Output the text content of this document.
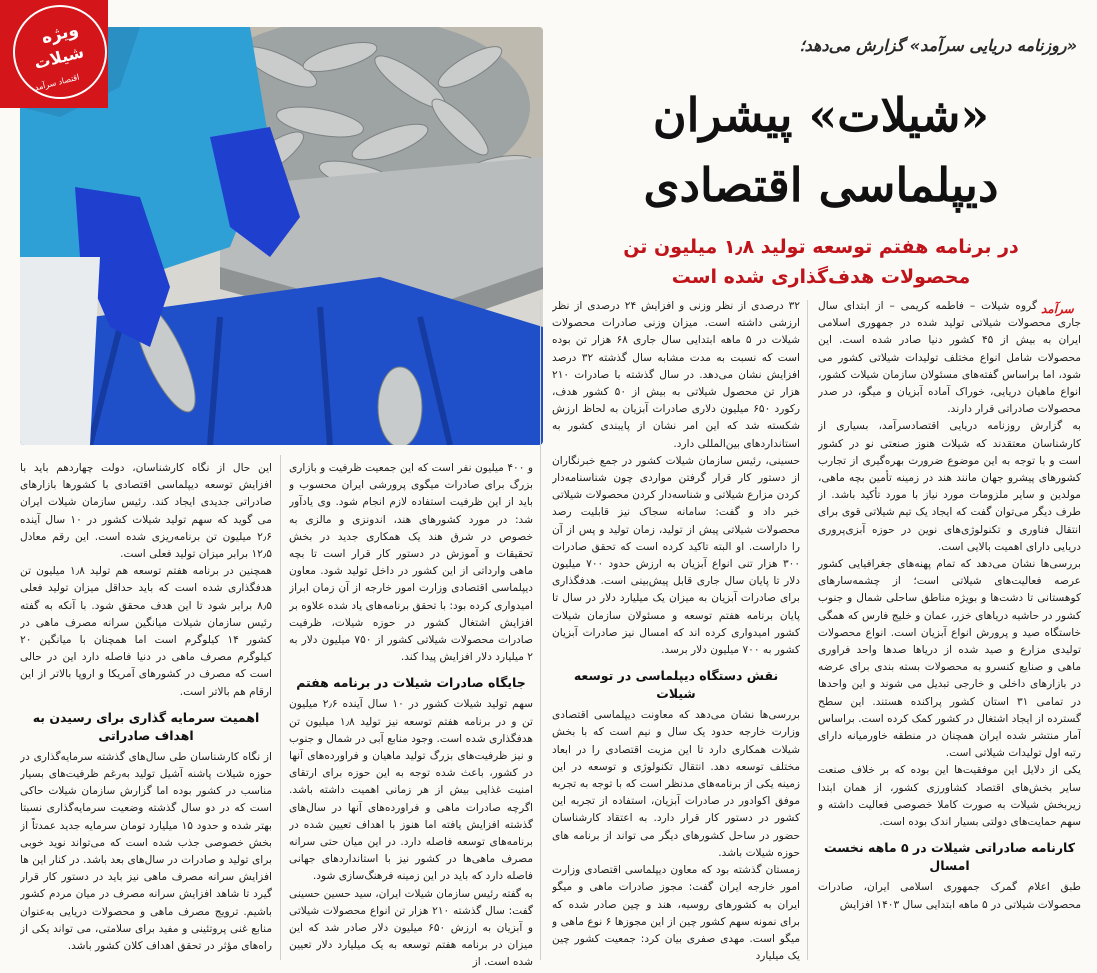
ویژه
شیلات
اقتصاد سرآمد
«روزنامه دریایی سرآمد» گزارش می‌دهد؛
«شیلات» پیشران
دیپلماسی اقتصادی
در برنامه هفتم توسعه تولید ۱٫۸ میلیون تن محصولات هدف‌گذاری شده است
سرآمد

گروه شیلات – فاطمه کریمی – از ابتدای سال جاری محصولات شیلاتی تولید شده در جمهوری اسلامی ایران به بیش از ۴۵ کشور دنیا صادر شده است. این محصولات شامل انواع مختلف تولیدات شیلاتی کشور می شود، اما براساس گفته‌های مسئولان سازمان شیلات کشور، انواع ماهیان دریایی، خوراک آماده آبزیان و میگو، در صدر محصولات صادراتی قرار دارند.

به گزارش روزنامه دریایی اقتصادسرآمد، بسیاری از کارشناسان معتقدند که شیلات هنوز صنعتی نو در کشور است و با توجه به این موضوع ضرورت بهره‌گیری از تجارب کشورهای پیشرو جهان مانند هند در زمینه تأمین بچه ماهی، مولدین و سایر ملزومات مورد نیاز با مورد تأکید باشد. از طرف دیگر می‌توان گفت که ایجاد یک تیم شیلاتی قوی برای انتقال فناوری و تکنولوژی‌های نوین در حوزه آبزی‌پروری دریایی دارای اهمیت بالایی است.

بررسی‌ها نشان می‌دهد که تمام پهنه‌های جغرافیایی کشور عرصه فعالیت‌های شیلاتی است؛ از چشمه‌سارهای کوهستانی تا دشت‌ها و بویژه مناطق ساحلی شمال و جنوب کشور در حاشیه دریاهای خزر، عمان و خلیج فارس که همگی خاستگاه صید و پرورش انواع آبزیان است. انواع محصولات تولیدی مزارع و صید شده از دریاها صدها واحد فراوری ماهی و صنایع کنسرو به محصولات بسته بندی برای عرضه در بازارهای داخلی و خارجی تبدیل می شوند و این واحدها در تمامی ۳۱ استان کشور پراکنده هستند. این سطح گسترده از ایجاد اشتغال در کشور کمک کرده است. براساس آمار منتشر شده ایران همچنان در منطقه خاورمیانه دارای رتبه اول تولیدات شیلاتی است.

یکی از دلایل این موفقیت‌ها این بوده که بر خلاف صنعت سایر بخش‌های اقتصاد کشاورزی کشور، از همان ابتدا زیربخش شیلات به صورت کاملا خصوصی فعالیت داشته و سهم حمایت‌های دولتی بسیار اندک بوده است.

کارنامه صادراتی شیلات در ۵ ماهه نخست امسال

طبق اعلام گمرک جمهوری اسلامی ایران، صادرات محصولات شیلاتی در ۵ ماهه ابتدایی سال ۱۴۰۳ افزایش

۳۲ درصدی از نظر وزنی و افزایش ۲۴ درصدی از نظر ارزشی داشته است. میزان وزنی صادرات محصولات شیلات در ۵ ماهه ابتدایی سال جاری ۶۸ هزار تن بوده است که نسبت به مدت مشابه سال گذشته ۳۲ درصد افزایش نشان می‌دهد. در سال گذشته با صادرات ۲۱۰ هزار تن محصول شیلاتی به بیش از ۵۰ کشور هدف، رکورد ۶۵۰ میلیون دلاری صادرات آبزیان به لحاظ ارزش شکسته شد که این امر نشان از پایبندی کشور به استانداردهای بین‌المللی دارد.

حسینی، رئیس سازمان شیلات کشور در جمع خبرنگاران از دستور کار قرار گرفتن مواردی چون شناسنامه‌دار کردن مزارع شیلاتی و شناسه‌دار کردن محصولات شیلاتی خبر داد و گفت: سامانه سجاک نیز قابلیت رصد محصولات شیلاتی پیش از تولید، زمان تولید و پس از آن را داراست. او البته تاکید کرده است که تحقق صادرات ۳۰۰ هزار تنی انواع آبزیان به ارزش حدود ۷۰۰ میلیون دلار تا پایان سال جاری قابل پیش‌بینی است. هدفگذاری برای صادرات آبزیان به میزان یک میلیارد دلار در سال تا پایان برنامه هفتم توسعه و مسئولان سازمان شیلات کشور امیدواری کرده اند که امسال نیز صادرات آبزیان کشور به ۷۰۰ میلیون دلار برسد.

نقش دستگاه دیپلماسی در توسعه شیلات

بررسی‌ها نشان می‌دهد که معاونت دیپلماسی اقتصادی وزارت خارجه حدود یک سال و نیم است که با بخش شیلات همکاری دارد تا این مزیت اقتصادی را در ابعاد مختلف توسعه دهد. انتقال تکنولوژی و توسعه در این زمینه یکی از برنامه‌های مدنظر است که با توجه به تجربه موفق اکوادور در صادرات آبزیان، استفاده از تجربه این کشور در دستور کار قرار دارد. به اعتقاد کارشناسان حضور در ساحل کشورهای دیگر می تواند از برنامه های حوزه شیلات باشد.

زمستان گذشته بود که معاون دیپلماسی اقتصادی وزارت امور خارجه ایران گفت: مجوز صادرات ماهی و میگو ایران به کشورهای روسیه، هند و چین صادر شده که برای نمونه سهم کشور چین از این مجوزها ۶ نوع ماهی و میگو است. مهدی صفری بیان کرد: جمعیت کشور چین یک میلیارد

و ۴۰۰ میلیون نفر است که این جمعیت ظرفیت و بازاری بزرگ برای صادرات میگوی پرورشی ایران محسوب و باید از این ظرفیت استفاده لازم انجام شود. وی یادآور شد: در مورد کشورهای هند، اندونزی و مالزی به خصوص در شرق هند یک همکاری جدید در بخش تحقیقات و آموزش در دستور کار قرار است تا بچه ماهی وارداتی از این کشور در داخل تولید شود. معاون دیپلماسی اقتصادی وزارت امور خارجه از آن زمان ابراز امیدواری کرده بود: با تحقق برنامه‌های یاد شده علاوه بر افزایش اشتغال کشور در حوزه شیلات، ظرفیت صادرات محصولات شیلاتی کشور از ۷۵۰ میلیون دلار به ۲ میلیارد دلار افزایش پیدا کند.

جایگاه صادرات شیلات در برنامه هفتم

سهم تولید شیلات کشور در ۱۰ سال آینده ۲٫۶ میلیون تن و در برنامه هفتم توسعه نیز تولید ۱٫۸ میلیون تن هدفگذاری شده است. وجود منابع آبی در شمال و جنوب و نیز ظرفیت‌های بزرگ تولید ماهیان و فراورده‌های آنها در کشور، باعث شده توجه به این حوزه برای ارتقای امنیت غذایی بیش از هر زمانی اهمیت داشته باشد. اگرچه صادرات ماهی و فراورده‌های آنها در سال‌های گذشته افزایش یافته اما هنوز با اهداف تعیین شده در برنامه‌های توسعه فاصله دارد. در این میان حتی سرانه مصرف ماهی‌ها در کشور نیز با استانداردهای جهانی فاصله دارد که باید در این زمینه فرهنگ‌سازی شود.

به گفته رئیس سازمان شیلات ایران، سید حسین حسینی گفت: سال گذشته ۲۱۰ هزار تن انواع محصولات شیلاتی و آبزیان به ارزش ۶۵۰ میلیون دلار صادر شد که این میزان در برنامه هفتم توسعه به یک میلیارد دلار تعیین شده است. از

این حال از نگاه کارشناسان، دولت چهاردهم باید با افزایش توسعه دیپلماسی اقتصادی با کشورها بازارهای صادراتی جدیدی ایجاد کند. رئیس سازمان شیلات ایران می گوید که سهم تولید شیلات کشور در ۱۰ سال آینده ۲٫۶ میلیون تن برنامه‌ریزی شده است. این رقم معادل ۱۲٫۵ برابر میزان تولید فعلی است.

همچنین در برنامه هفتم توسعه هم تولید ۱٫۸ میلیون تن هدفگذاری شده است که باید حداقل میزان تولید فعلی ۸٫۵ برابر شود تا این هدف محقق شود. با آنکه به گفته رئیس سازمان شیلات میانگین سرانه مصرف ماهی در کشور ۱۴ کیلوگرم است اما همچنان با میانگین ۲۰ کیلوگرم مصرف ماهی در دنیا فاصله دارد این در حالی است که مصرف در کشورهای آمریکا و اروپا بالاتر از این ارقام هم بالاتر است.

اهمیت سرمایه گذاری برای رسیدن به اهداف صادراتی

از نگاه کارشناسان طی سال‌های گذشته سرمایه‌گذاری در حوزه شیلات پاشنه آشیل تولید به‌رغم ظرفیت‌های بسیار مناسب در کشور بوده اما گزارش سازمان شیلات حاکی است که در دو سال گذشته وضعیت سرمایه‌گذاری نسبتا بهتر شده و حدود ۱۵ میلیارد تومان سرمایه جدید عمدتاً از بخش خصوصی جذب شده است که می‌تواند نوید خوبی برای تولید و صادرات در سال‌های بعد باشد. در کنار این ها افزایش سرانه مصرف ماهی نیز باید در دستور کار قرار گیرد تا شاهد افزایش سرانه مصرف در میان مردم کشور باشیم. ترویج مصرف ماهی و محصولات دریایی به‌عنوان منابع غنی پروتئینی و مفید برای سلامتی، می تواند یکی از راه‌های مؤثر در تحقق اهداف کلان کشور باشد.
